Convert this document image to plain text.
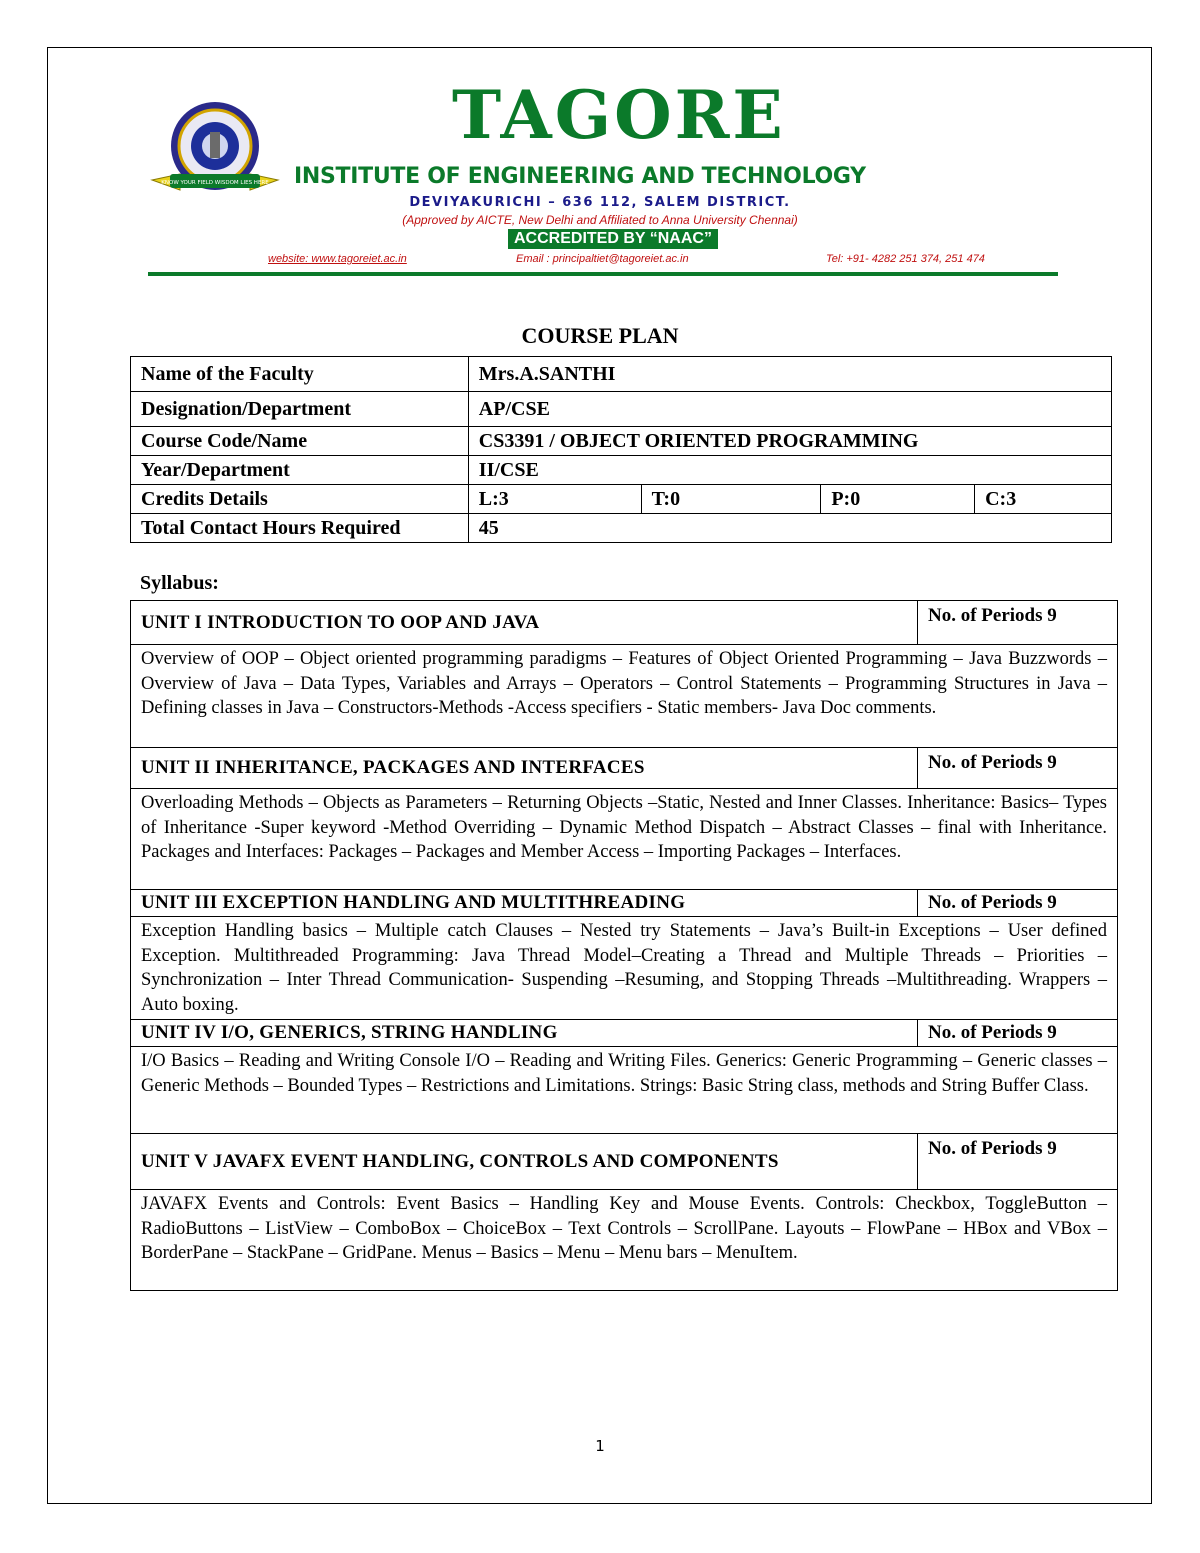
KNOW YOUR FIELD WISDOM LIES HERE
TAGORE
INSTITUTE OF ENGINEERING AND TECHNOLOGY
DEVIYAKURICHI – 636 112, SALEM DISTRICT.
(Approved by AICTE, New Delhi and Affiliated to Anna University Chennai)
ACCREDITED BY “NAAC”
website: www.tagoreiet.ac.in	Email : principaltiet@tagoreiet.ac.in	Tel: +91- 4282 251 374, 251 474
COURSE PLAN
Name of the Faculty	Mrs.A.SANTHI			
Designation/Department	AP/CSE			
Course Code/Name	CS3391 / OBJECT ORIENTED PROGRAMMING			
Year/Department	II/CSE			
Credits Details	L:3	T:0	P:0	C:3
Total Contact Hours Required	45			
Syllabus:
UNIT I INTRODUCTION TO OOP AND JAVA	No. of Periods 9
Overview of OOP – Object oriented programming paradigms – Features of Object Oriented Programming – Java Buzzwords – Overview of Java – Data Types, Variables and Arrays – Operators – Control Statements – Programming Structures in Java – Defining classes in Java – Constructors-Methods -Access specifiers - Static members- Java Doc comments.	
UNIT II INHERITANCE, PACKAGES AND INTERFACES	No. of Periods 9
Overloading Methods – Objects as Parameters – Returning Objects –Static, Nested and Inner Classes. Inheritance: Basics– Types of Inheritance -Super keyword -Method Overriding – Dynamic Method Dispatch – Abstract Classes – final with Inheritance. Packages and Interfaces: Packages – Packages and Member Access – Importing Packages – Interfaces.	
UNIT III EXCEPTION HANDLING AND MULTITHREADING	No. of Periods 9
Exception Handling basics – Multiple catch Clauses – Nested try Statements – Java’s Built-in Exceptions – User defined Exception. Multithreaded Programming: Java Thread Model–Creating a Thread and Multiple Threads – Priorities – Synchronization – Inter Thread Communication- Suspending –Resuming, and Stopping Threads –Multithreading. Wrappers – Auto boxing.	
UNIT IV I/O, GENERICS, STRING HANDLING	No. of Periods 9
I/O Basics – Reading and Writing Console I/O – Reading and Writing Files. Generics: Generic Programming – Generic classes – Generic Methods – Bounded Types – Restrictions and Limitations. Strings: Basic String class, methods and String Buffer Class.	
UNIT V JAVAFX EVENT HANDLING, CONTROLS AND COMPONENTS	No. of Periods 9
JAVAFX Events and Controls: Event Basics – Handling Key and Mouse Events. Controls: Checkbox, ToggleButton – RadioButtons – ListView – ComboBox – ChoiceBox – Text Controls – ScrollPane. Layouts – FlowPane – HBox and VBox – BorderPane – StackPane – GridPane. Menus – Basics – Menu – Menu bars – MenuItem.	
1
